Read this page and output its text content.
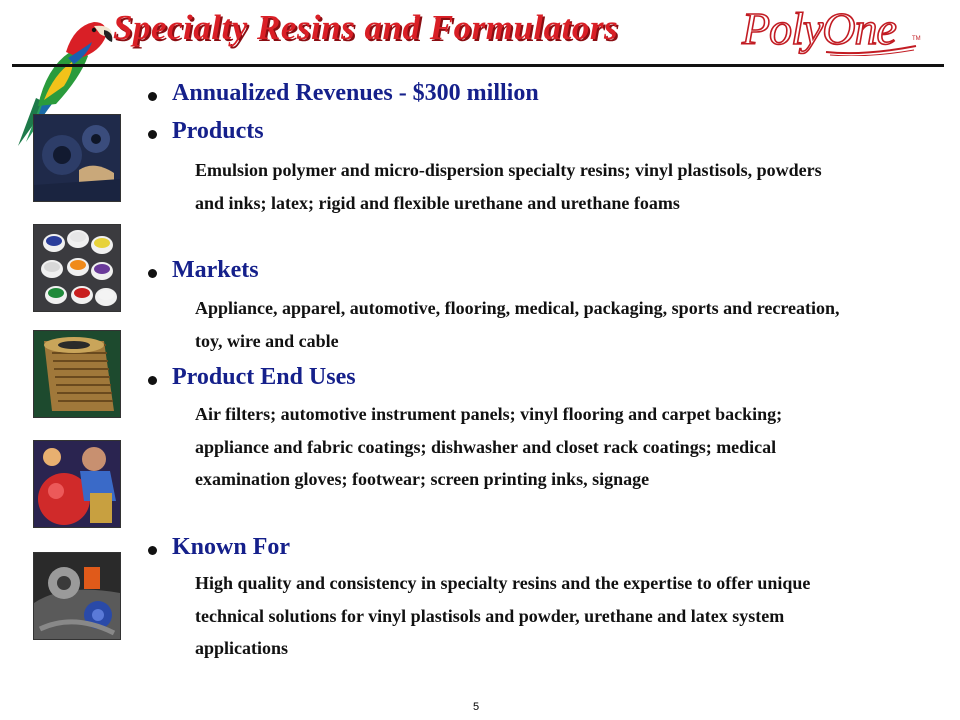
Specialty Resins and Formulators	PolyOne	TM
Annualized Revenues - $300 million
Products
Emulsion polymer and micro-dispersion specialty resins; vinyl plastisols, powders and inks; latex; rigid and flexible urethane and urethane foams
Markets
Appliance, apparel, automotive, flooring, medical, packaging, sports and recreation, toy, wire and cable
Product End Uses
Air filters; automotive instrument panels; vinyl flooring and carpet backing; appliance and fabric coatings; dishwasher and closet rack coatings; medical examination gloves; footwear; screen printing inks, signage
Known For
High quality and consistency in specialty resins and the expertise to offer unique technical solutions for vinyl plastisols and powder, urethane and latex system applications
5
